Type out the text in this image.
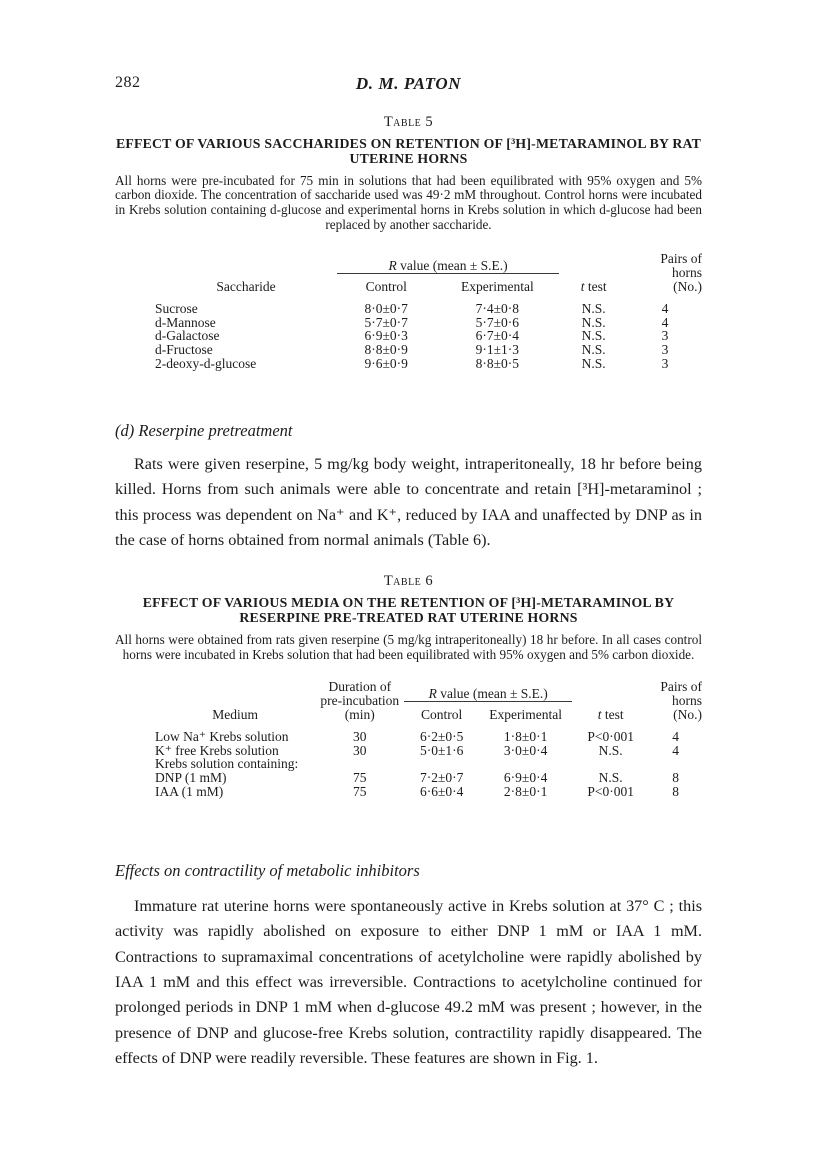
282	D. M. PATON
Table 5
EFFECT OF VARIOUS SACCHARIDES ON RETENTION OF [³H]-METARAMINOL BY RAT UTERINE HORNS

All horns were pre-incubated for 75 min in solutions that had been equilibrated with 95% oxygen and 5% carbon dioxide. The concentration of saccharide used was 49·2 mM throughout. Control horns were incubated in Krebs solution containing d-glucose and experimental horns in Krebs solution in which d-glucose had been replaced by another saccharide.

	R value (mean ± S.E.)			Pairs of
horns
(No.)

Saccharide	Control	Experimental	t test	
Sucrose	8·0±0·7	7·4±0·8	N.S.	4
d-Mannose	5·7±0·7	5·7±0·6	N.S.	4
d-Galactose	6·9±0·3	6·7±0·4	N.S.	3
d-Fructose	8·8±0·9	9·1±1·3	N.S.	3
2-deoxy-d-glucose	9·6±0·9	8·8±0·5	N.S.	3
(d) Reserpine pretreatment

Rats were given reserpine, 5 mg/kg body weight, intraperitoneally, 18 hr before being killed. Horns from such animals were able to concentrate and retain [³H]-metaraminol ; this process was dependent on Na⁺ and K⁺, reduced by IAA and unaffected by DNP as in the case of horns obtained from normal animals (Table 6).

Table 6
EFFECT OF VARIOUS MEDIA ON THE RETENTION OF [³H]-METARAMINOL BY RESERPINE PRE-TREATED RAT UTERINE HORNS

All horns were obtained from rats given reserpine (5 mg/kg intraperitoneally) 18 hr before. In all cases control horns were incubated in Krebs solution that had been equilibrated with 95% oxygen and 5% carbon dioxide.

	Duration of
pre-incubation
(min)	R value (mean ± S.E.)			Pairs of
horns
(No.)

Medium		Control	Experimental	t test	
Low Na⁺ Krebs solution	30	6·2±0·5	1·8±0·1	P<0·001	4
K⁺ free Krebs solution	30	5·0±1·6	3·0±0·4	N.S.	4
Krebs solution containing:					
DNP (1 mM)	75	7·2±0·7	6·9±0·4	N.S.	8
IAA (1 mM)	75	6·6±0·4	2·8±0·1	P<0·001	8
Effects on contractility of metabolic inhibitors

Immature rat uterine horns were spontaneously active in Krebs solution at 37° C ; this activity was rapidly abolished on exposure to either DNP 1 mM or IAA 1 mM. Contractions to supramaximal concentrations of acetylcholine were rapidly abolished by IAA 1 mM and this effect was irreversible. Contractions to acetylcholine continued for prolonged periods in DNP 1 mM when d-glucose 49.2 mM was present ; however, in the presence of DNP and glucose-free Krebs solution, contractility rapidly disappeared. The effects of DNP were readily reversible. These features are shown in Fig. 1.
